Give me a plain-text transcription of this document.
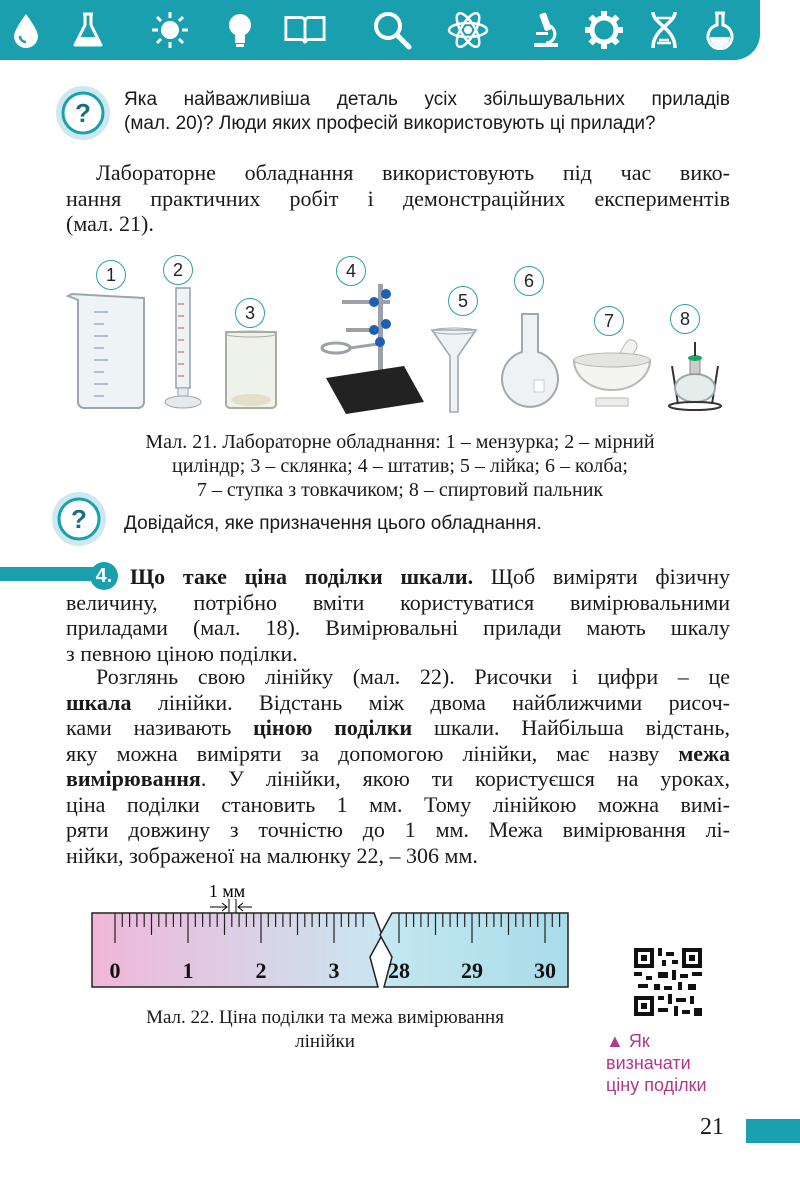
? Яка найважливіша деталь усіх збільшувальних приладів
(мал. 20)? Люди яких професій використовують ці прилади?
Лабораторне обладнання використовують під час вико-
нання практичних робіт і демонстраційних експериментів
(мал. 21).
1	2
3
4
5
6
7	8
Мал. 21. Лабораторне обладнання: 1 – мензурка; 2 – мірний
циліндр; 3 – склянка; 4 – штатив; 5 – лійка; 6 – колба;
7 – ступка з товкачиком; 8 – спиртовий пальник
? Довідайся, яке призначення цього обладнання.
4. Що таке ціна поділки шкали. Щоб виміряти фізичну
величину, потрібно вміти користуватися вимірювальними
приладами (мал. 18). Вимірювальні прилади мають шкалу
з певною ціною поділки.
Розглянь свою лінійку (мал. 22). Рисочки і цифри – це
шкала лінійки. Відстань між двома найближчими рисоч-
ками називають ціною поділки шкали. Найбільша відстань,
яку можна виміряти за допомогою лінійки, має назву межа
вимірювання. У лінійки, якою ти користуєшся на уроках,
ціна поділки становить 1 мм. Тому лінійкою можна вимі-
ряти довжину з точністю до 1 мм. Межа вимірювання лі-
нійки, зображеної на малюнку 22, – 306 мм.
1 мм
0	1	2	3 28 29 30
Мал. 22. Ціна поділки та межа вимірювання
лінійки	▲ Як
визначати
ціну поділки
21
